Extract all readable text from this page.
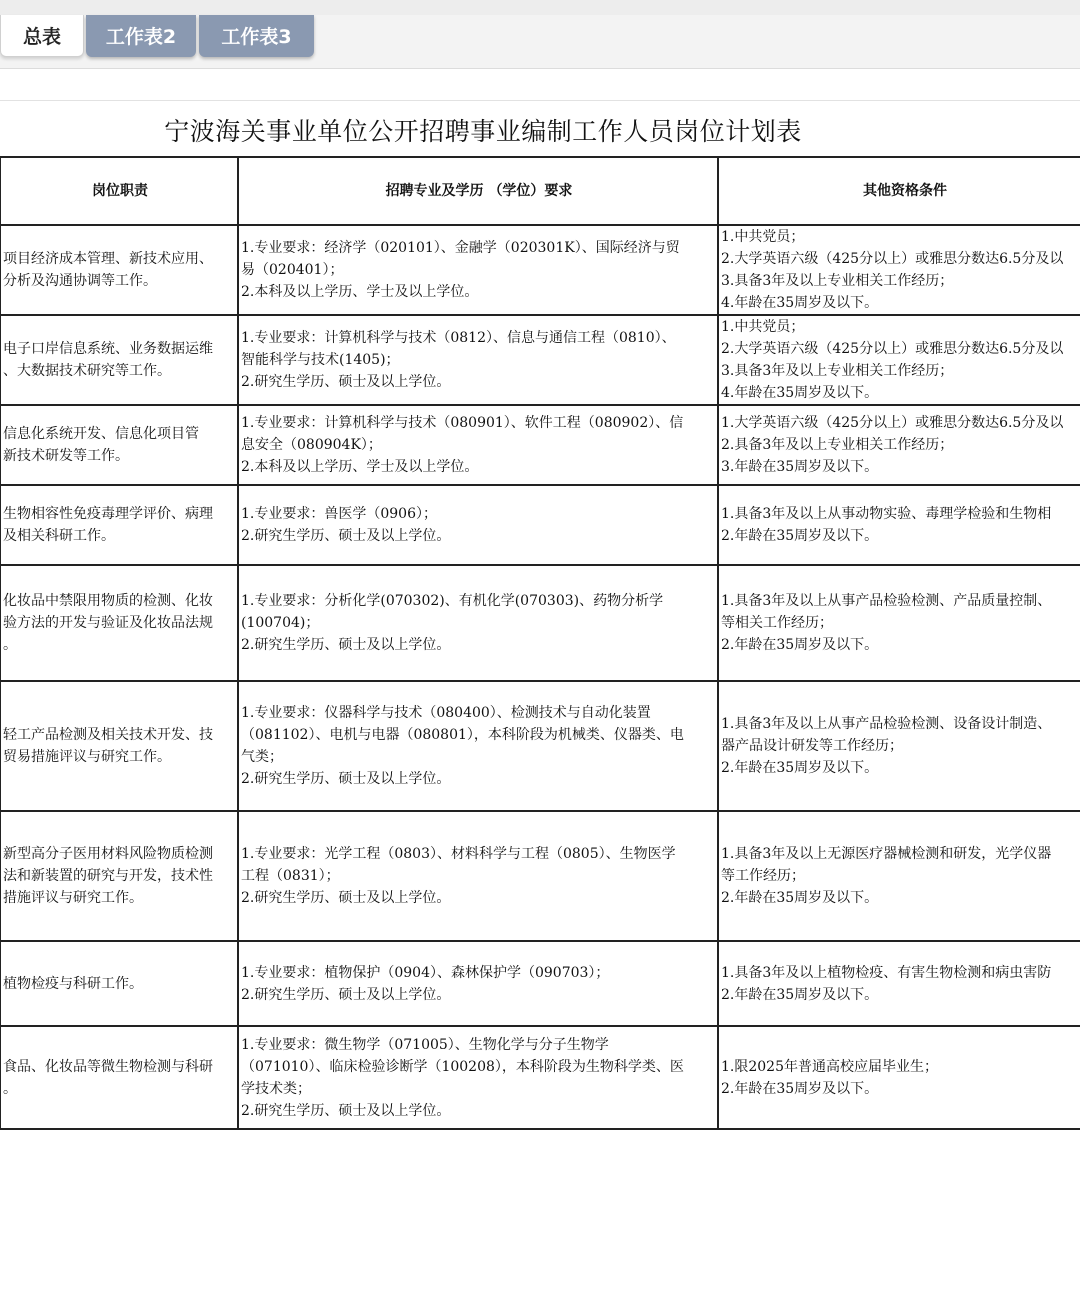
总表	工作表2	工作表3
宁波海关事业单位公开招聘事业编制工作人员岗位计划表
岗位职责	招聘专业及学历 （学位）要求	其他资格条件

项目经济成本管理、新技术应用、
分析及沟通协调等工作。	1.专业要求：经济学（020101）、金融学（020301K）、国际经济与贸
易（020401）；
2.本科及以上学历、学士及以上学位。	1.中共党员；
2.大学英语六级（425分以上）或雅思分数达6.5分及以
3.具备3年及以上专业相关工作经历；
4.年龄在35周岁及以下。

电子口岸信息系统、业务数据运维
、大数据技术研究等工作。	1.专业要求：计算机科学与技术（0812）、信息与通信工程（0810）、
智能科学与技术(1405)；
2.研究生学历、硕士及以上学位。	1.中共党员；
2.大学英语六级（425分以上）或雅思分数达6.5分及以
3.具备3年及以上专业相关工作经历；
4.年龄在35周岁及以下。

信息化系统开发、信息化项目管
新技术研发等工作。	1.专业要求：计算机科学与技术（080901）、软件工程（080902）、信
息安全（080904K）；
2.本科及以上学历、学士及以上学位。	1.大学英语六级（425分以上）或雅思分数达6.5分及以
2.具备3年及以上专业相关工作经历；
3.年龄在35周岁及以下。

生物相容性免疫毒理学评价、病理
及相关科研工作。	1.专业要求：兽医学（0906）；
2.研究生学历、硕士及以上学位。	1.具备3年及以上从事动物实验、毒理学检验和生物相
2.年龄在35周岁及以下。

化妆品中禁限用物质的检测、化妆
验方法的开发与验证及化妆品法规
。	1.专业要求：分析化学(070302)、有机化学(070303)、药物分析学
(100704)；
2.研究生学历、硕士及以上学位。	1.具备3年及以上从事产品检验检测、产品质量控制、
等相关工作经历；
2.年龄在35周岁及以下。

轻工产品检测及相关技术开发、技
贸易措施评议与研究工作。	1.专业要求：仪器科学与技术（080400）、检测技术与自动化装置
（081102）、电机与电器（080801），本科阶段为机械类、仪器类、电
气类；
2.研究生学历、硕士及以上学位。	1.具备3年及以上从事产品检验检测、设备设计制造、
器产品设计研发等工作经历；
2.年龄在35周岁及以下。

新型高分子医用材料风险物质检测
法和新装置的研究与开发，技术性
措施评议与研究工作。	1.专业要求：光学工程（0803）、材料科学与工程（0805）、生物医学
工程（0831）；
2.研究生学历、硕士及以上学位。	1.具备3年及以上无源医疗器械检测和研发，光学仪器
等工作经历；
2.年龄在35周岁及以下。

植物检疫与科研工作。	1.专业要求：植物保护（0904）、森林保护学（090703）；
2.研究生学历、硕士及以上学位。	1.具备3年及以上植物检疫、有害生物检测和病虫害防
2.年龄在35周岁及以下。

食品、化妆品等微生物检测与科研
。	1.专业要求：微生物学（071005）、生物化学与分子生物学
（071010）、临床检验诊断学（100208），本科阶段为生物科学类、医
学技术类；
2.研究生学历、硕士及以上学位。	1.限2025年普通高校应届毕业生；
2.年龄在35周岁及以下。
